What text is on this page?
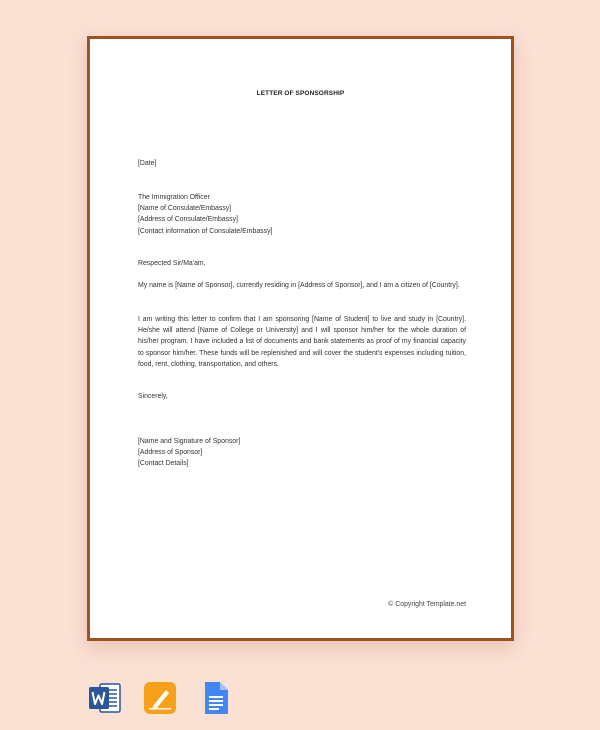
LETTER OF SPONSORSHIP
[Date]

The Immigration Officer

[Name of Consulate/Embassy]

[Address of Consulate/Embassy]

[Contact information of Consulate/Embassy]

Respected Sir/Ma'am,
My name is [Name of Sponsor], currently residing in [Address of Sponsor], and I am a citizen of [Country].
I am writing this letter to confirm that I am sponsoring [Name of Student] to live and study in [Country]. He/she will attend [Name of College or University] and I will sponsor him/her for the whole duration of his/her program. I have included a list of documents and bank statements as proof of my financial capacity to sponsor him/her. These funds will be replenished and will cover the student's expenses including tuition, food, rent, clothing, transportation, and others.
Sincerely,

[Name and Signature of Sponsor]

[Address of Sponsor]

[Contact Details]

© Copyright Template.net
